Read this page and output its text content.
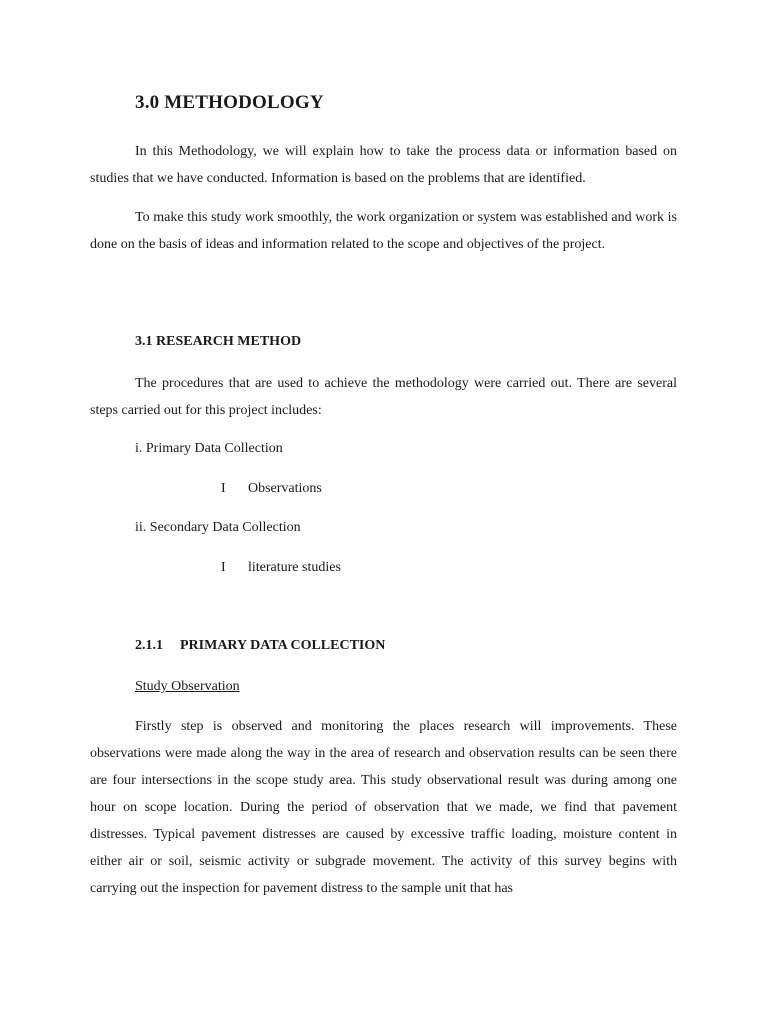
3.0 METHODOLOGY

In this Methodology, we will explain how to take the process data or information based on studies that we have conducted. Information is based on the problems that are identified.

To make this study work smoothly, the work organization or system was established and work is done on the basis of ideas and information related to the scope and objectives of the project.

3.1 RESEARCH METHOD

The procedures that are used to achieve the methodology were carried out. There are several steps carried out for this project includes:

i. Primary Data Collection

I Observations

ii. Secondary Data Collection

I literature studies
2.1.1 PRIMARY DATA COLLECTION

Study Observation

Firstly step is observed and monitoring the places research will improvements. These observations were made along the way in the area of research and observation results can be seen there are four intersections in the scope study area. This study observational result was during among one hour on scope location. During the period of observation that we made, we find that pavement distresses. Typical pavement distresses are caused by excessive traffic loading, moisture content in either air or soil, seismic activity or subgrade movement. The activity of this survey begins with carrying out the inspection for pavement distress to the sample unit that has
